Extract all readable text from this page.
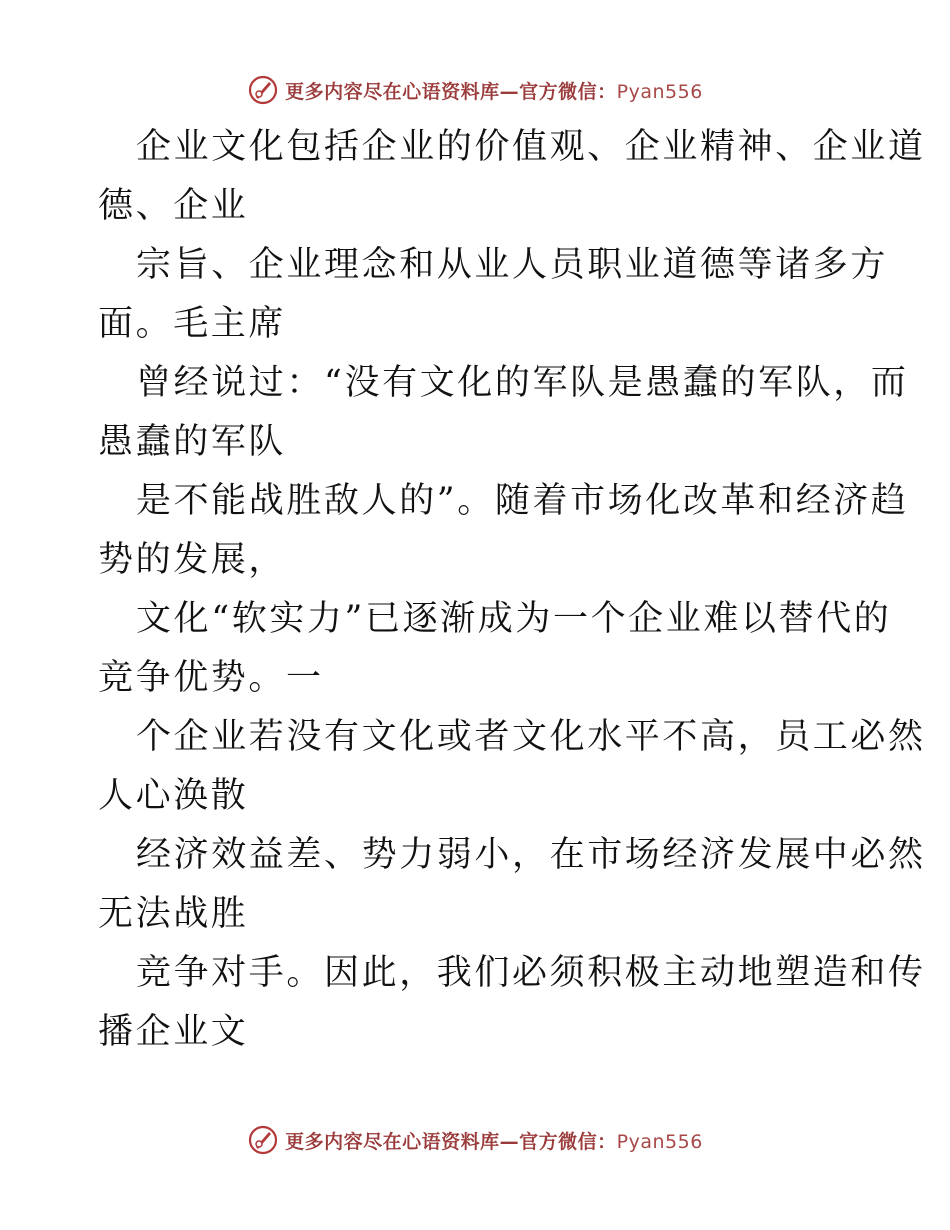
更多内容尽在心语资料库—官方微信：Pyan556

企业文化包括企业的价值观、企业精神、企业道
德、企业

宗旨、企业理念和从业人员职业道德等诸多方
面。毛主席

曾经说过：“没有文化的军队是愚蠢的军队，而
愚蠢的军队

是不能战胜敌人的”。随着市场化改革和经济趋
势的发展，

文化“软实力”已逐渐成为一个企业难以替代的
竞争优势。一

个企业若没有文化或者文化水平不高，员工必然
人心涣散

经济效益差、势力弱小，在市场经济发展中必然
无法战胜

竞争对手。因此，我们必须积极主动地塑造和传
播企业文

更多内容尽在心语资料库—官方微信：Pyan556
